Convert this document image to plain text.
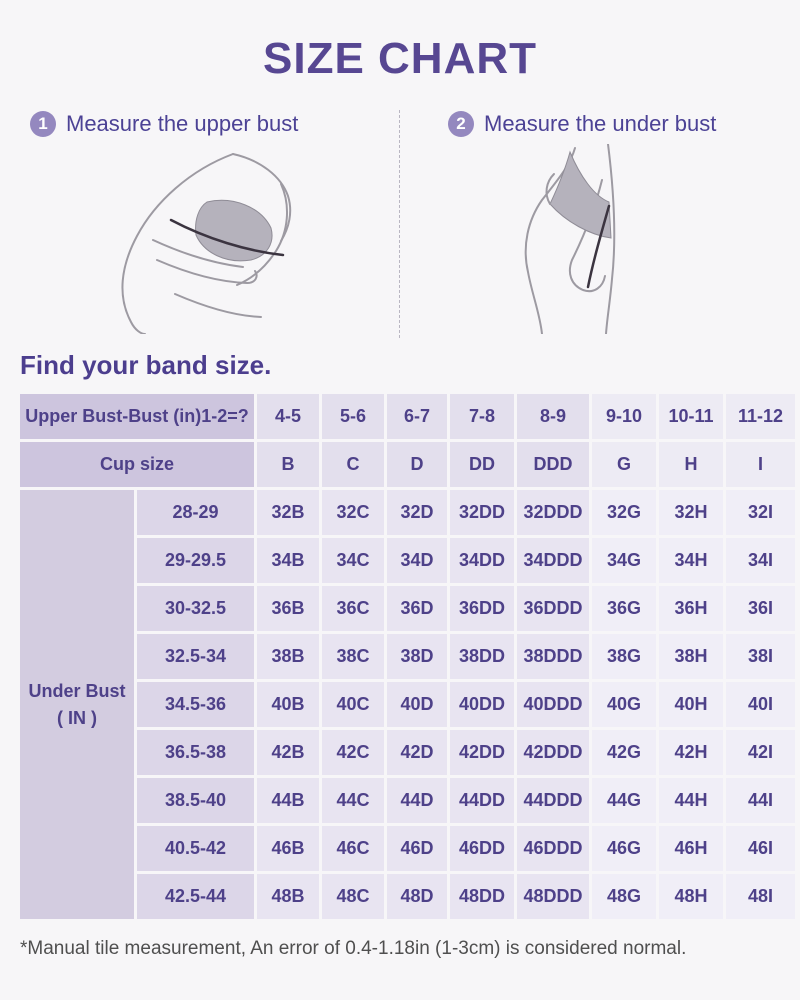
SIZE CHART
1 Measure the upper bust	2 Measure the under bust
Find your band size.
Upper Bust-Bust (in)1-2=?		4-5	5-6	6-7	7-8	8-9	9-10	10-11	11-12
Cup size		B	C	D	DD	DDD	G	H	I

Under Bust
( IN )	28-29	32B	32C	32D	32DD	32DDD	32G	32H	32I
	29-29.5	34B	34C	34D	34DD	34DDD	34G	34H	34I
	30-32.5	36B	36C	36D	36DD	36DDD	36G	36H	36I
	32.5-34	38B	38C	38D	38DD	38DDD	38G	38H	38I
	34.5-36	40B	40C	40D	40DD	40DDD	40G	40H	40I
	36.5-38	42B	42C	42D	42DD	42DDD	42G	42H	42I
	38.5-40	44B	44C	44D	44DD	44DDD	44G	44H	44I
	40.5-42	46B	46C	46D	46DD	46DDD	46G	46H	46I
	42.5-44	48B	48C	48D	48DD	48DDD	48G	48H	48I

*Manual tile measurement, An error of 0.4-1.18in (1-3cm) is considered normal.
